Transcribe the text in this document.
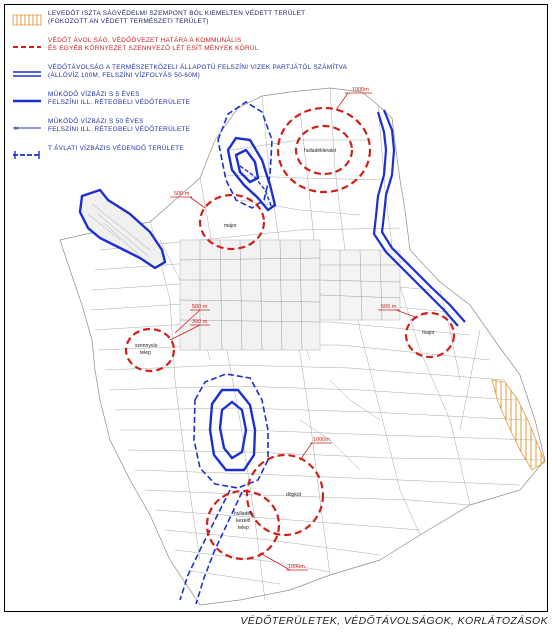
1000m
hulladéklerakó
500 m
major
500 m
300 m
szennyvíz-
telep
500 m
major
1000m
dögkút
hulladék-
kezelő
telep
1000m
LEVEDŐT ISZTA SÁGVÉDELMI SZEMPONT BÓL KIEMELTEN VÉDETT TERÜLET
(FOKOZOTT AN VÉDETT TERMÉSZETI TERÜLET)
VÉDŐT ÁVOL SÁG, VÉDŐÖVEZET HATÁRA A KOMMUNÁLIS
ÉS EGYÉB KÖRNYEZET SZENNYEZŐ LÉT ESÍT MÉNYEK KÖRÜL
VÉDŐTÁVOLSÁG A TERMÉSZETKÖZELI ÁLLAPOTÚ FELSZÍNI VIZEK PARTJÁTÓL SZÁMÍTVA
(ÁLLÓVÍZ 100M, FELSZÍNI VÍZFOLYÁS 50-60M)
MŰKÖDŐ VÍZBÁZI S 5 ÉVES
FELSZÍNI ILL. RÉTEGBELI VÉDŐTERÜLETE
×
MŰKÖDŐ VÍZBÁZI S 50 ÉVES
FELSZÍNI ILL. RÉTEGBELI VÉDŐTERÜLETE
T ÁVLATI VÍZBÁZIS VÉDENDŐ TERÜLETE
VÉDŐTERÜLETEK, VÉDŐTÁVOLSÁGOK, KORLÁTOZÁSOK
